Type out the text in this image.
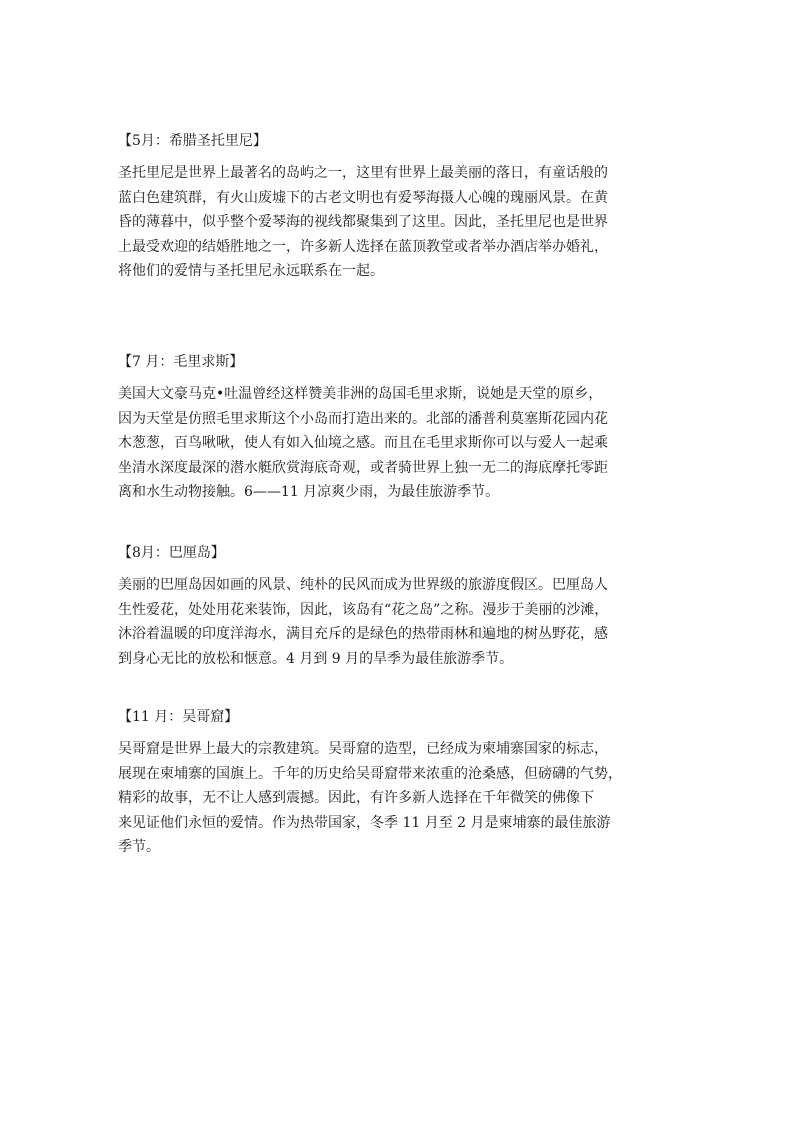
【5月：希腊圣托里尼】

圣托里尼是世界上最著名的岛屿之一，这里有世界上最美丽的落日，有童话般的
蓝白色建筑群，有火山废墟下的古老文明也有爱琴海摄人心魄的瑰丽风景。在黄
昏的薄暮中，似乎整个爱琴海的视线都聚集到了这里。因此，圣托里尼也是世界
上最受欢迎的结婚胜地之一，许多新人选择在蓝顶教堂或者举办酒店举办婚礼，
将他们的爱情与圣托里尼永远联系在一起。

【7 月：毛里求斯】

美国大文豪马克•吐温曾经这样赞美非洲的岛国毛里求斯，说她是天堂的原乡，
因为天堂是仿照毛里求斯这个小岛而打造出来的。北部的潘普利莫塞斯花园内花
木葱葱，百鸟啾啾，使人有如入仙境之感。而且在毛里求斯你可以与爱人一起乘
坐清水深度最深的潜水艇欣赏海底奇观，或者骑世界上独一无二的海底摩托零距
离和水生动物接触。6——11 月凉爽少雨，为最佳旅游季节。

【8月：巴厘岛】

美丽的巴厘岛因如画的风景、纯朴的民风而成为世界级的旅游度假区。巴厘岛人
生性爱花，处处用花来装饰，因此，该岛有“花之岛”之称。漫步于美丽的沙滩，
沐浴着温暖的印度洋海水，满目充斥的是绿色的热带雨林和遍地的树丛野花，感
到身心无比的放松和惬意。4 月到 9 月的旱季为最佳旅游季节。

【11 月：吴哥窟】

吴哥窟是世界上最大的宗教建筑。吴哥窟的造型，已经成为柬埔寨国家的标志，
展现在柬埔寨的国旗上。千年的历史给吴哥窟带来浓重的沧桑感，但磅礴的气势，
精彩的故事，无不让人感到震撼。因此，有许多新人选择在千年微笑的佛像下
来见证他们永恒的爱情。作为热带国家，冬季 11 月至 2 月是柬埔寨的最佳旅游
季节。
